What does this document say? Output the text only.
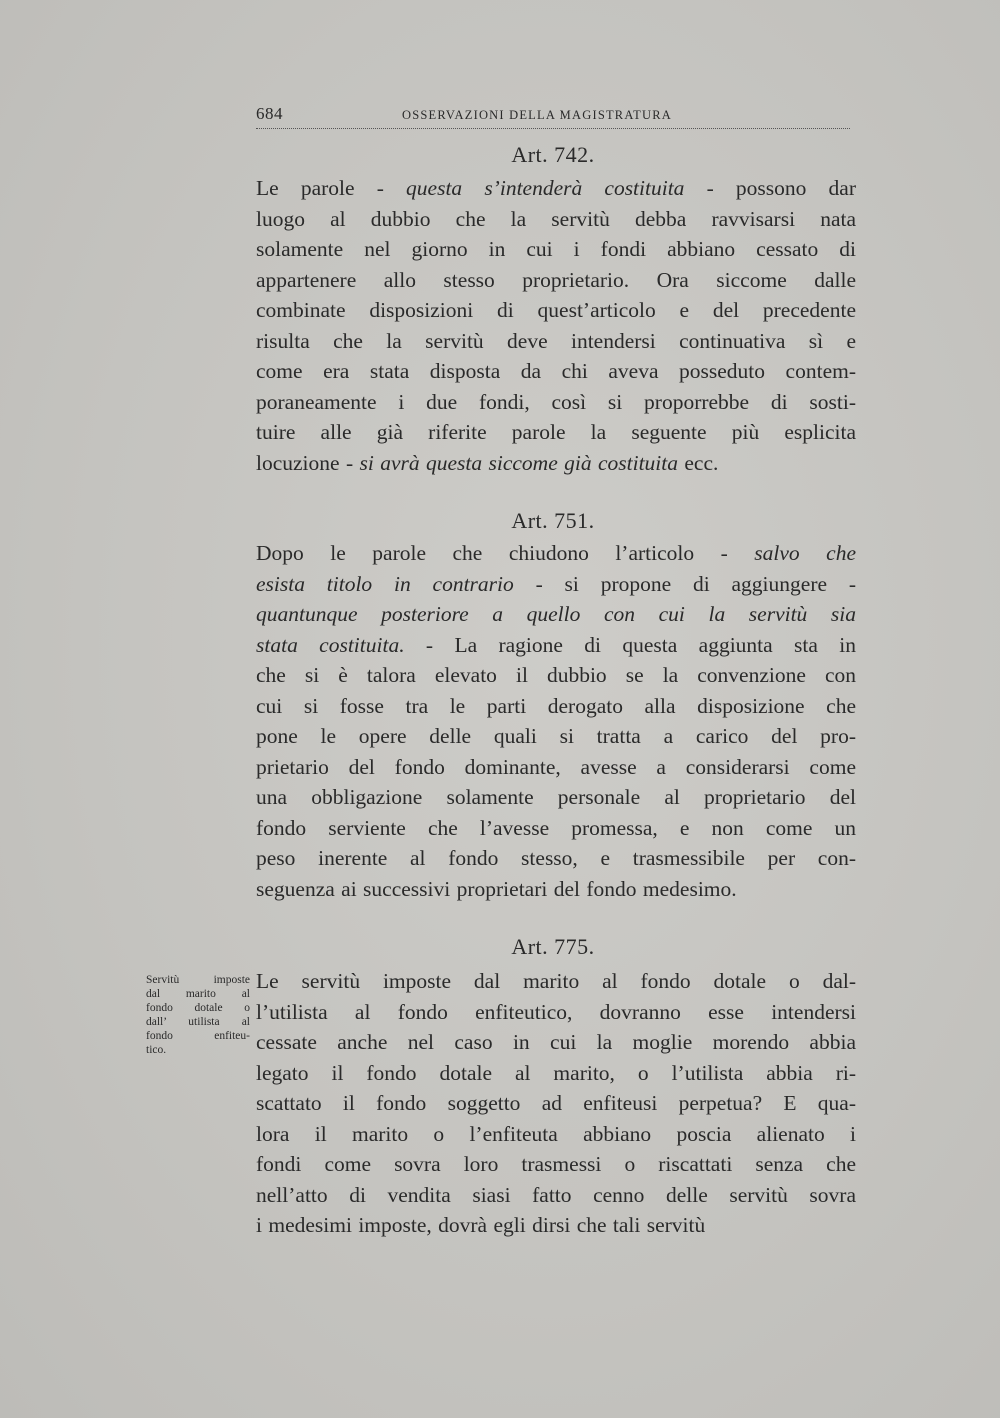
684	OSSERVAZIONI DELLA MAGISTRATURA
Art. 742.

Le parole - questa s’intenderà costituita - possono dar
luogo al dubbio che la servitù debba ravvisarsi nata
solamente nel giorno in cui i fondi abbiano cessato di
appartenere allo stesso proprietario. Ora siccome dalle
combinate disposizioni di quest’articolo e del precedente
risulta che la servitù deve intendersi continuativa sì e
come era stata disposta da chi aveva posseduto contem-
poraneamente i due fondi, così si proporrebbe di sosti-
tuire alle già riferite parole la seguente più esplicita
locuzione - si avrà questa siccome già costituita ecc.

Art. 751.

Dopo le parole che chiudono l’articolo - salvo che
esista titolo in contrario - si propone di aggiungere -
quantunque posteriore a quello con cui la servitù sia
stata costituita. - La ragione di questa aggiunta sta in
che si è talora elevato il dubbio se la convenzione con
cui si fosse tra le parti derogato alla disposizione che
pone le opere delle quali si tratta a carico del pro-
prietario del fondo dominante, avesse a considerarsi come
una obbligazione solamente personale al proprietario del
fondo serviente che l’avesse promessa, e non come un
peso inerente al fondo stesso, e trasmessibile per con-
seguenza ai successivi proprietari del fondo medesimo.

Art. 775.

Le servitù imposte dal marito al fondo dotale o dal-
l’utilista al fondo enfiteutico, dovranno esse intendersi
cessate anche nel caso in cui la moglie morendo abbia
legato il fondo dotale al marito, o l’utilista abbia ri-
scattato il fondo soggetto ad enfiteusi perpetua? E qua-
lora il marito o l’enfiteuta abbiano poscia alienato i
fondi come sovra loro trasmessi o riscattati senza che
nell’atto di vendita siasi fatto cenno delle servitù sovra
i medesimi imposte, dovrà egli dirsi che tali servitù

Servitù imposte
dal marito al
fondo dotale o
dall’ utilista al
fondo enfiteu-
tico.
